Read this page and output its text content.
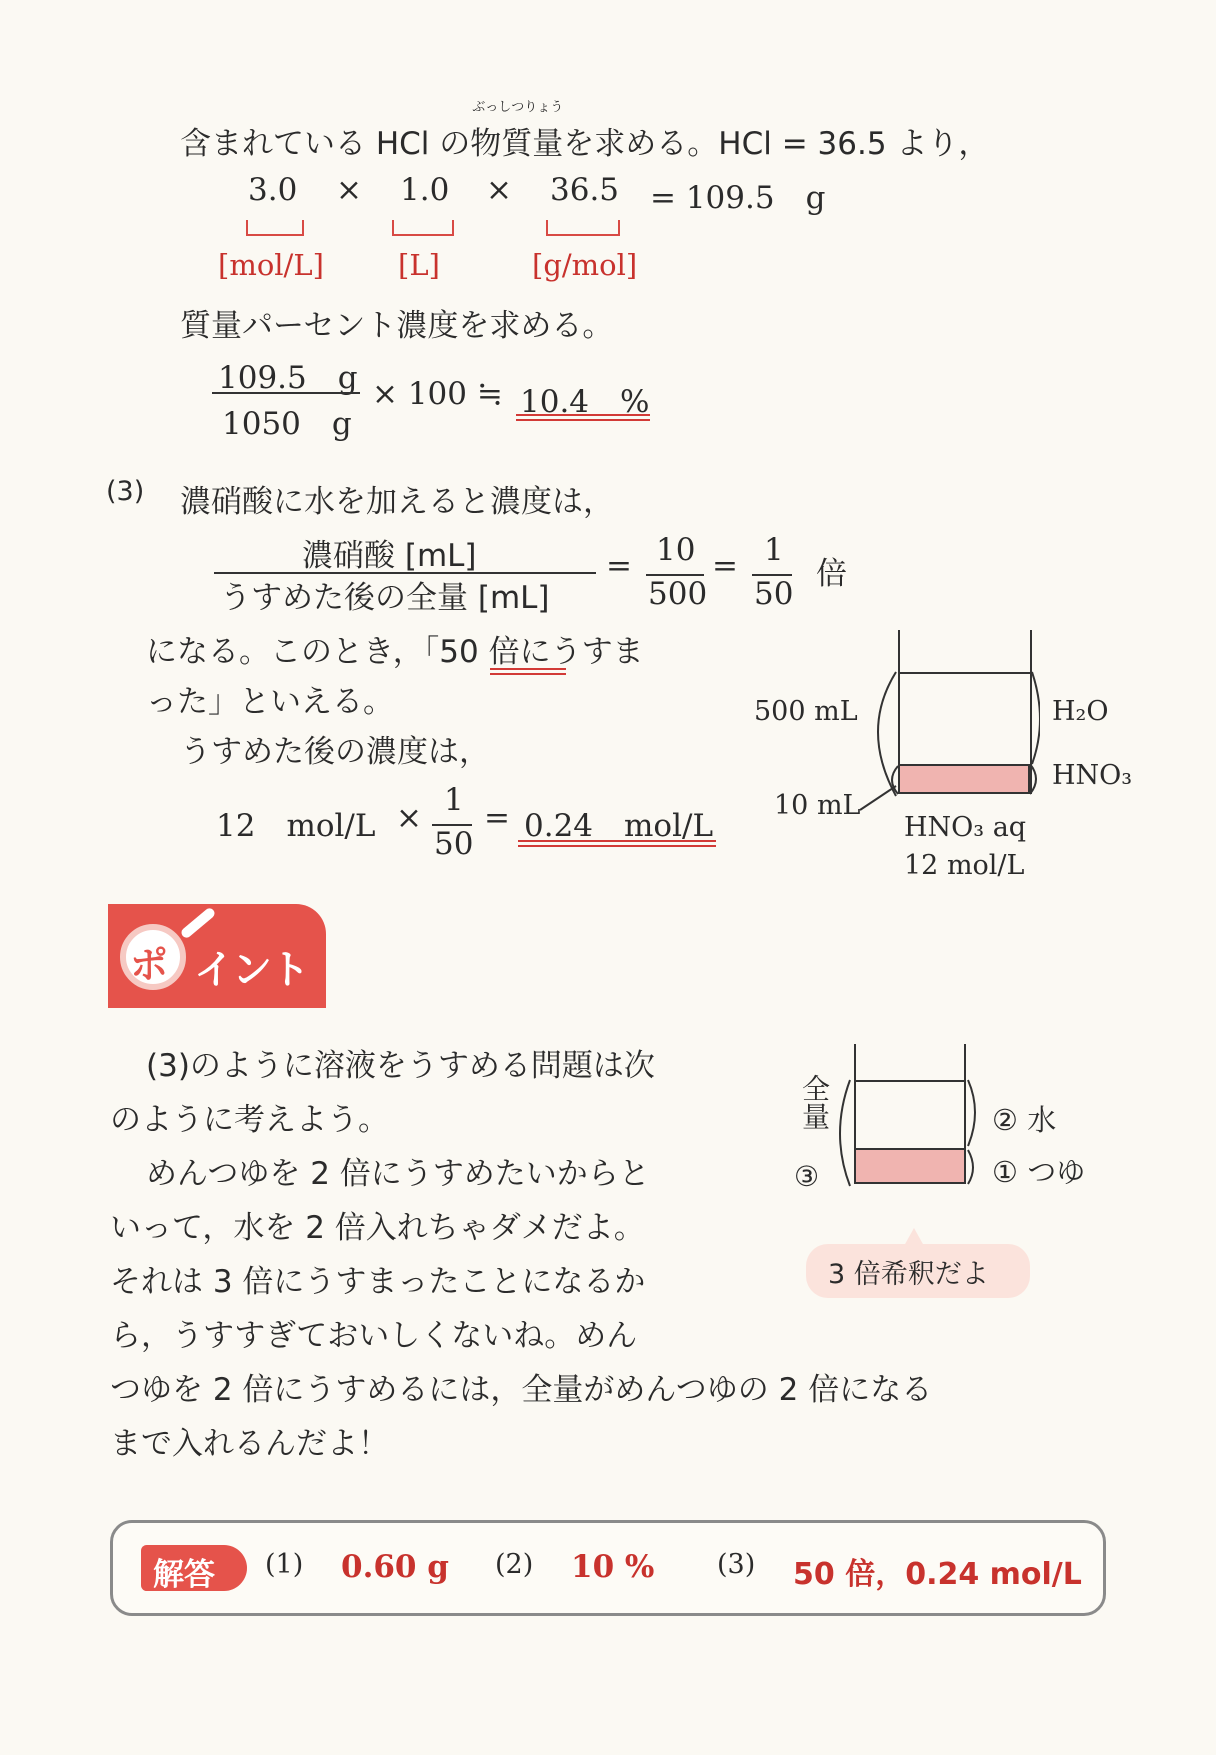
含まれている HCl の
ぶっしつりょう
物質量を求める。HCl = 36.5 より，
3.0 × 1.0 × 36.5 = 109.5　g
[mol/L]	[L]	[g/mol]
質量パーセント濃度を求める。
109.5　g
1050　g
× 100 ≒ 10.4　%
(3) 濃硝酸に水を加えると濃度は，
濃硝酸 [mL]
うすめた後の全量 [mL]
= 10
500
= 1
50
倍
になる。このとき，「50 倍にうすま
った」といえる。
うすめた後の濃度は，
12　mol/L × 1
50
= 0.24　mol/L
500 mL
10 mL
H₂O
HNO₃
HNO₃ aq
12 mol/L
ポ イント
(3)のように溶液をうすめる問題は次
のように考えよう。
めんつゆを 2 倍にうすめたいからと
いって，水を 2 倍入れちゃダメだよ。
それは 3 倍にうすまったことになるか
ら，うすすぎておいしくないね。めん
つゆを 2 倍にうすめるには，全量がめんつゆの 2 倍になる
まで入れるんだよ！
全量
③
② 水
① つゆ
3 倍希釈だよ
解答 (1) 0.60 g (2) 10 % (3) 50 倍，0.24 mol/L
